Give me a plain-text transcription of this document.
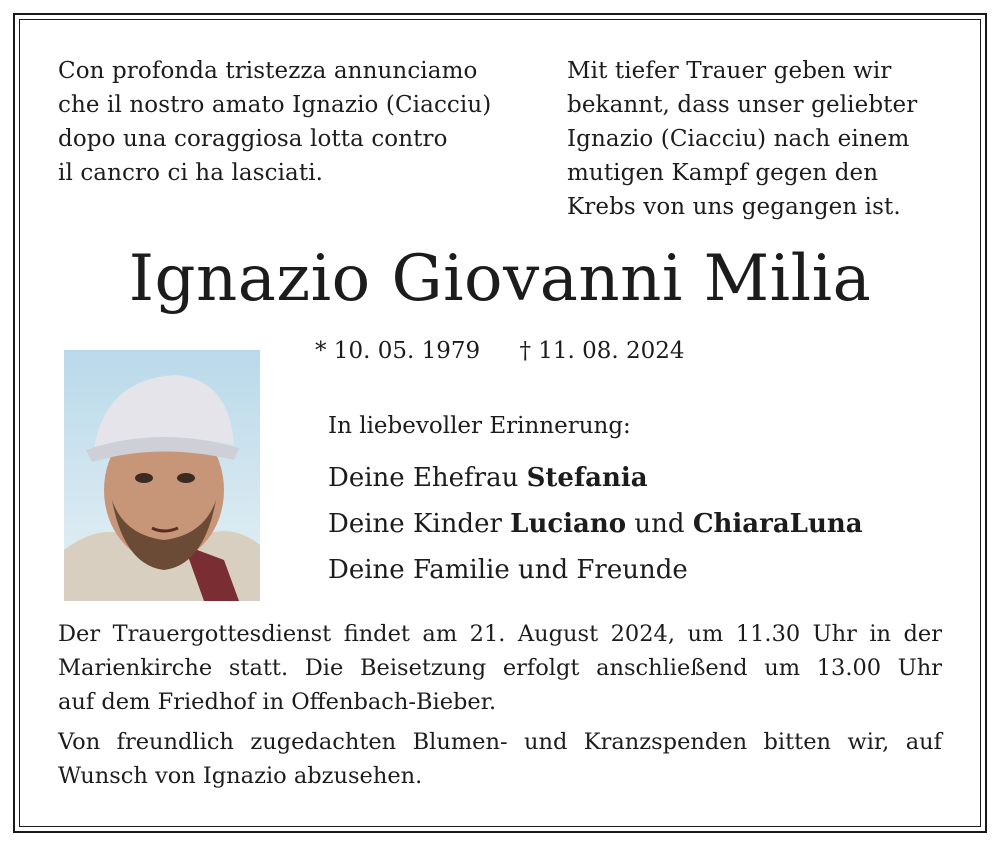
Con profonda tristezza annunciamo
che il nostro amato Ignazio (Ciacciu)
dopo una coraggiosa lotta contro
il cancro ci ha lasciati.
Mit tiefer Trauer geben wir
bekannt, dass unser geliebter
Ignazio (Ciacciu) nach einem
mutigen Kampf gegen den
Krebs von uns gegangen ist.
Ignazio Giovanni Milia
* 10. 05. 1979 † 11. 08. 2024
In liebevoller Erinnerung:
Deine Ehefrau Stefania
Deine Kinder Luciano und ChiaraLuna
Deine Familie und Freunde
Der Trauergottesdienst findet am 21. August 2024, um 11.30 Uhr in der
Marienkirche statt. Die Beisetzung erfolgt anschließend um 13.00 Uhr
auf dem Friedhof in Offenbach-Bieber.
Von freundlich zugedachten Blumen- und Kranzspenden bitten wir, auf
Wunsch von Ignazio abzusehen.
